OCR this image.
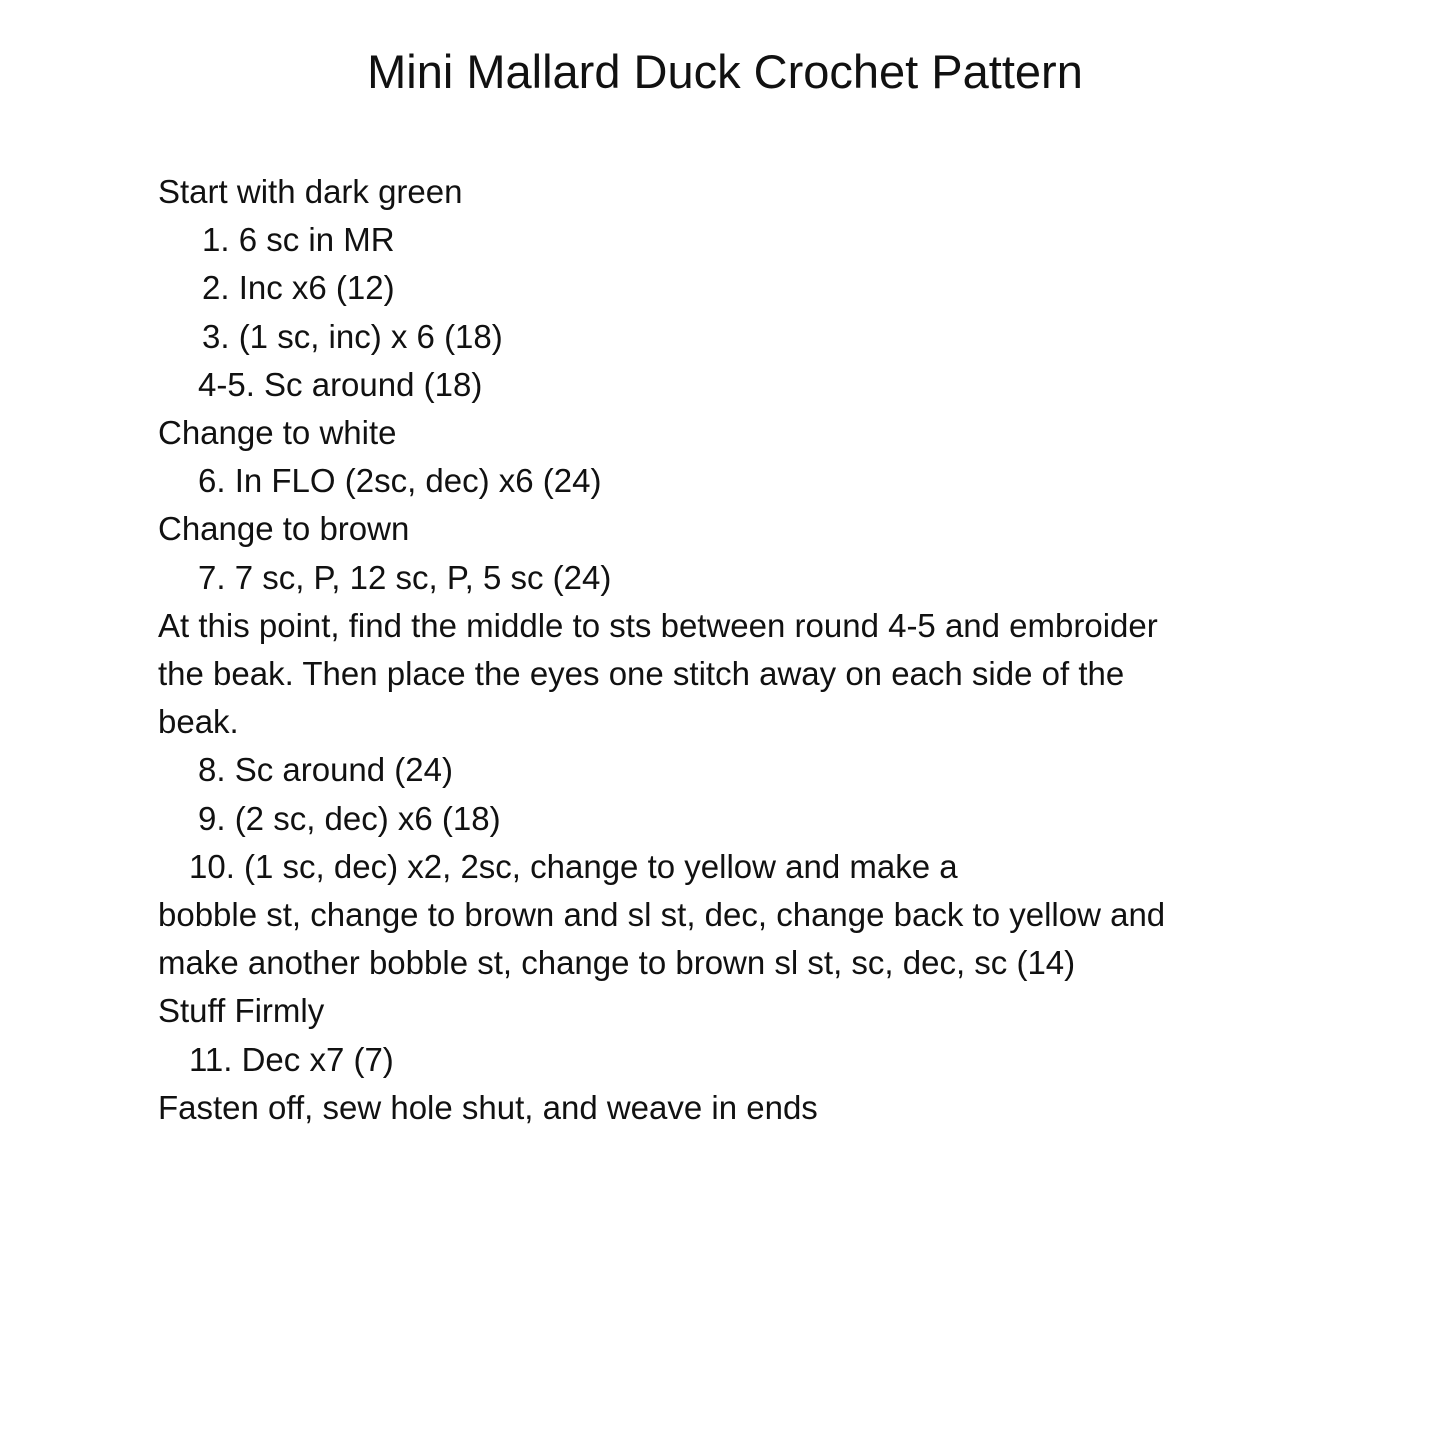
Mini Mallard Duck Crochet Pattern

Start with dark green

1. 6 sc in MR

2. Inc x6 (12)

3. (1 sc, inc) x 6 (18)

4-5. Sc around (18)

Change to white

6. In FLO (2sc, dec) x6 (24)

Change to brown

7. 7 sc, P, 12 sc, P, 5 sc (24)

At this point, find the middle to sts between round 4-5 and embroider

the beak. Then place the eyes one stitch away on each side of the

beak.

8. Sc around (24)

9. (2 sc, dec) x6 (18)

10. (1 sc, dec) x2, 2sc, change to yellow and make a

bobble st, change to brown and sl st, dec, change back to yellow and

make another bobble st, change to brown sl st, sc, dec, sc (14)

Stuff Firmly

11. Dec x7 (7)

Fasten off, sew hole shut, and weave in ends
